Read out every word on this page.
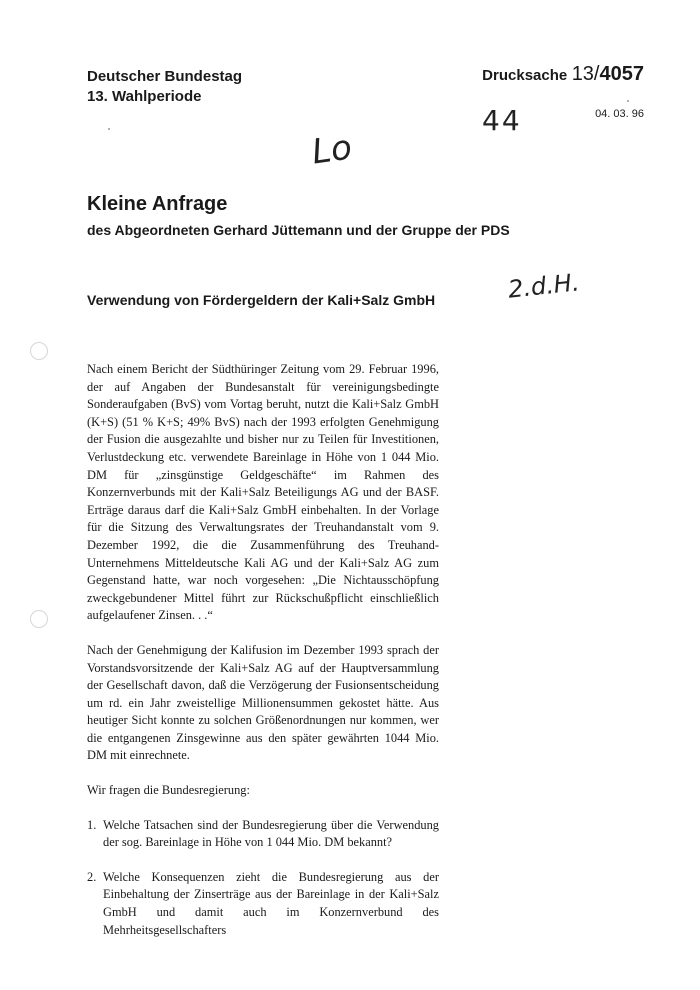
Deutscher Bundestag
13. Wahlperiode
Drucksache 13/4057
04. 03. 96
44
Lo
2.d.H.
Kleine Anfrage
des Abgeordneten Gerhard Jüttemann und der Gruppe der PDS
Verwendung von Fördergeldern der Kali+Salz GmbH

Nach einem Bericht der Südthüringer Zeitung vom 29. Februar 1996, der auf Angaben der Bundesanstalt für vereinigungsbedingte Sonderaufgaben (BvS) vom Vortag beruht, nutzt die Kali+Salz GmbH (K+S) (51 % K+S; 49% BvS) nach der 1993 erfolgten Genehmigung der Fusion die ausgezahlte und bisher nur zu Teilen für Investitionen, Verlustdeckung etc. verwendete Bareinlage in Höhe von 1 044 Mio. DM für „zinsgünstige Geldgeschäfte“ im Rahmen des Konzernverbunds mit der Kali+Salz Beteiligungs AG und der BASF. Erträge daraus darf die Kali+Salz GmbH einbehalten. In der Vorlage für die Sitzung des Verwaltungsrates der Treuhandanstalt vom 9. Dezember 1992, die die Zusammenführung des Treuhand-Unternehmens Mitteldeutsche Kali AG und der Kali+Salz AG zum Gegenstand hatte, war noch vorgesehen: „Die Nichtausschöpfung zweckgebundener Mittel führt zur Rückschußpflicht einschließlich aufgelaufener Zinsen. . .“

Nach der Genehmigung der Kalifusion im Dezember 1993 sprach der Vorstandsvorsitzende der Kali+Salz AG auf der Hauptversammlung der Gesellschaft davon, daß die Verzögerung der Fusionsentscheidung um rd. ein Jahr zweistellige Millionensummen gekostet hätte. Aus heutiger Sicht konnte zu solchen Größenordnungen nur kommen, wer die entgangenen Zinsgewinne aus den später gewährten 1044 Mio. DM mit einrechnete.

Wir fragen die Bundesregierung:

1. Welche Tatsachen sind der Bundesregierung über die Verwendung der sog. Bareinlage in Höhe von 1 044 Mio. DM bekannt?
2. Welche Konsequenzen zieht die Bundesregierung aus der Einbehaltung der Zinserträge aus der Bareinlage in der Kali+Salz GmbH und damit auch im Konzernverbund des Mehrheitsgesellschafters
